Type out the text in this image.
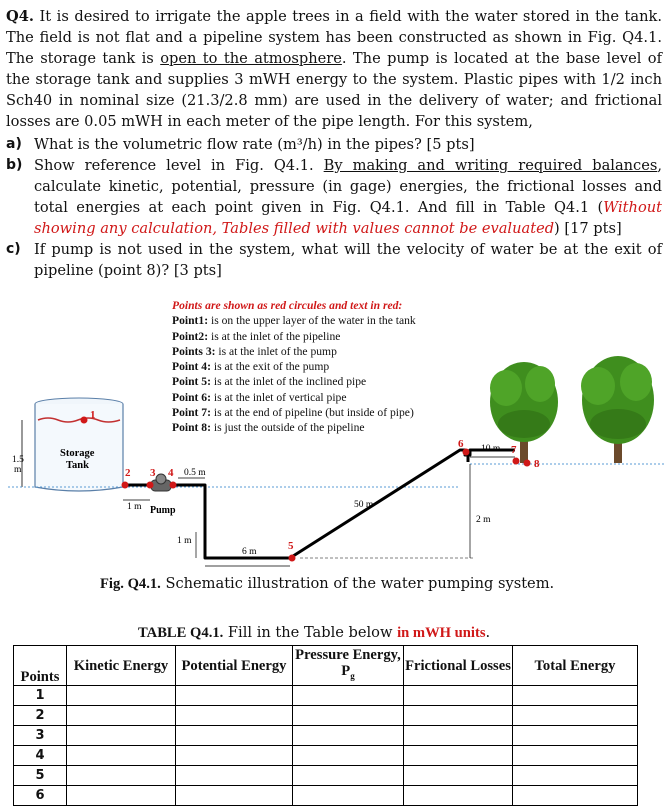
Q4. It is desired to irrigate the apple trees in a field with the water stored in the tank. The field is not flat and a pipeline system has been constructed as shown in Fig. Q4.1. The storage tank is open to the atmosphere. The pump is located at the base level of the storage tank and supplies 3 mWH energy to the system. Plastic pipes with 1/2 inch Sch40 in nominal size (21.3/2.8 mm) are used in the delivery of water; and frictional losses are 0.05 mWH in each meter of the pipe length. For this system,
a) What is the volumetric flow rate (m³/h) in the pipes? [5 pts]
b) Show reference level in Fig. Q4.1. By making and writing required balances, calculate kinetic, potential, pressure (in gage) energies, the frictional losses and total energies at each point given in Fig. Q4.1. And fill in Table Q4.1 (Without showing any calculation, Tables filled with values cannot be evaluated) [17 pts]
c) If pump is not used in the system, what will the velocity of water be at the exit of pipeline (point 8)? [3 pts]
1
Storage
Tank
1.5
m
Pump
2 3 4 0.5 m
1 m
1 m
6 m	5
50 m
6
2 m
10 m 7
8
Points are shown as red circules and text in red:
Point1: is on the upper layer of the water in the tank
Point2: is at the inlet of the pipeline
Points 3: is at the inlet of the pump
Point 4: is at the exit of the pump
Point 5: is at the inlet of the inclined pipe
Point 6: is at the inlet of vertical pipe
Point 7: is at the end of pipeline (but inside of pipe)
Point 8: is just the outside of the pipeline
Fig. Q4.1. Schematic illustration of the water pumping system.
TABLE Q4.1. Fill in the Table below in mWH units.
Points	Kinetic Energy	Potential Energy	Pressure Energy, $P_g$	Frictional Losses	Total Energy
1					
2					
3					
4					
5					
6					
